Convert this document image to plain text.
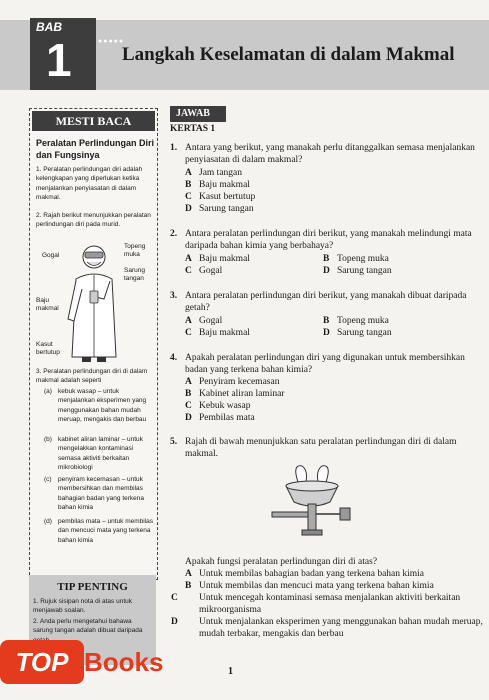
BAB
●●●●●
1	Langkah Keselamatan di dalam Makmal
MESTI BACA
Peralatan Perlindungan Diri dan Fungsinya
1. Peralatan perlindungan diri adalah kelengkapan yang diperlukan ketika menjalankan penyiasatan di dalam makmal.
2. Rajah berikut menunjukkan peralatan perlindungan diri pada murid.
Gogal
Topeng muka
Sarung tangan
Baju makmal
Kasut bertutup
3. Peralatan perlindungan diri di dalam makmal adalah seperti
(a) kebuk wasap – untuk menjalankan eksperimen yang menggunakan bahan mudah meruap, mengakis dan berbau
(b) kabinet aliran laminar – untuk mengelakkan kontaminasi semasa aktiviti berkaitan mikrobiologi
(c) penyiram kecemasan – untuk membersihkan dan membilas bahagian badan yang terkena bahan kimia
(d) pembilas mata – untuk membilas dan mencuci mata yang terkena bahan kimia
TIP PENTING
1. Rujuk sisipan nota di atas untuk menjawab soalan.
2. Anda perlu mengetahui bahawa sarung tangan adalah dibuat daripada
TOP Books
JAWAB
KERTAS 1
1. Antara yang berikut, yang manakah perlu ditanggalkan semasa menjalankan penyiasatan di dalam makmal?
A Jam tangan
B Baju makmal
C Kasut bertutup
D Sarung tangan
2. Antara peralatan perlindungan diri berikut, yang manakah melindungi mata daripada bahan kimia yang berbahaya?
A Baju makmal	B Topeng muka
C Gogal	D Sarung tangan
3. Antara peralatan perlindungan diri berikut, yang manakah dibuat daripada getah?
A Gogal	B Topeng muka
C Baju makmal	D Sarung tangan
4. Apakah peralatan perlindungan diri yang digunakan untuk membersihkan badan yang terkena bahan kimia?
A Penyiram kecemasan
B Kabinet aliran laminar
C Kebuk wasap
D Pembilas mata
5. Rajah di bawah menunjukkan satu peralatan perlindungan diri di dalam makmal.
Apakah fungsi peralatan perlindungan diri di atas?
A Untuk membilas bahagian badan yang terkena bahan kimia
B Untuk membilas dan mencuci mata yang terkena bahan kimia
C Untuk mencegah kontaminasi semasa menjalankan aktiviti berkaitan mikroorganisma
D Untuk menjalankan eksperimen yang menggunakan bahan mudah meruap, mudah terbakar, mengakis dan berbau
1
